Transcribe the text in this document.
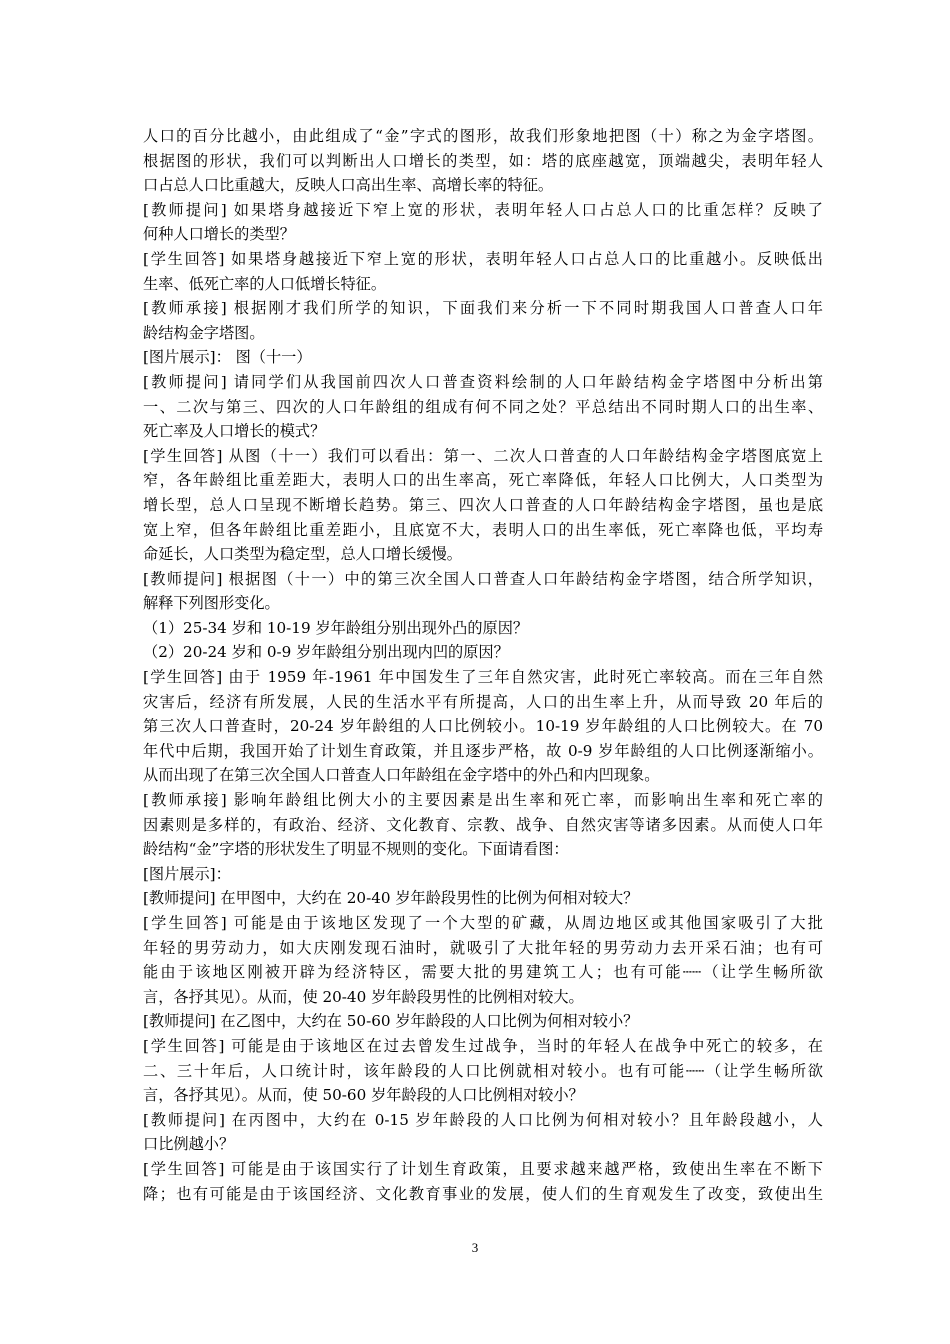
人口的百分比越小，由此组成了“金”字式的图形，故我们形象地把图（十）称之为金字塔图。
根据图的形状，我们可以判断出人口增长的类型，如：塔的底座越宽，顶端越尖，表明年轻人
口占总人口比重越大，反映人口高出生率、高增长率的特征。
[教师提问] 如果塔身越接近下窄上宽的形状，表明年轻人口占总人口的比重怎样？反映了
何种人口增长的类型？
[学生回答] 如果塔身越接近下窄上宽的形状，表明年轻人口占总人口的比重越小。反映低出
生率、低死亡率的人口低增长特征。
[教师承接] 根据刚才我们所学的知识，下面我们来分析一下不同时期我国人口普查人口年
龄结构金字塔图。
[图片展示]： 图（十一）
[教师提问] 请同学们从我国前四次人口普查资料绘制的人口年龄结构金字塔图中分析出第
一、二次与第三、四次的人口年龄组的组成有何不同之处？平总结出不同时期人口的出生率、
死亡率及人口增长的模式？
[学生回答] 从图（十一）我们可以看出：第一、二次人口普查的人口年龄结构金字塔图底宽上
窄，各年龄组比重差距大，表明人口的出生率高，死亡率降低，年轻人口比例大，人口类型为
增长型，总人口呈现不断增长趋势。第三、四次人口普查的人口年龄结构金字塔图，虽也是底
宽上窄，但各年龄组比重差距小，且底宽不大，表明人口的出生率低，死亡率降也低，平均寿
命延长，人口类型为稳定型，总人口增长缓慢。
[教师提问] 根据图（十一）中的第三次全国人口普查人口年龄结构金字塔图，结合所学知识，
解释下列图形变化。
（1）25-34 岁和 10-19 岁年龄组分别出现外凸的原因？
（2）20-24 岁和 0-9 岁年龄组分别出现内凹的原因？
[学生回答] 由于 1959 年-1961 年中国发生了三年自然灾害，此时死亡率较高。而在三年自然
灾害后，经济有所发展，人民的生活水平有所提高，人口的出生率上升，从而导致 20 年后的
第三次人口普查时，20-24 岁年龄组的人口比例较小。10-19 岁年龄组的人口比例较大。在 70
年代中后期，我国开始了计划生育政策，并且逐步严格，故 0-9 岁年龄组的人口比例逐渐缩小。
从而出现了在第三次全国人口普查人口年龄组在金字塔中的外凸和内凹现象。
[教师承接] 影响年龄组比例大小的主要因素是出生率和死亡率，而影响出生率和死亡率的
因素则是多样的，有政治、经济、文化教育、宗教、战争、自然灾害等诸多因素。从而使人口年
龄结构“金”字塔的形状发生了明显不规则的变化。下面请看图：
[图片展示]：
[教师提问] 在甲图中，大约在 20-40 岁年龄段男性的比例为何相对较大？
[学生回答] 可能是由于该地区发现了一个大型的矿藏，从周边地区或其他国家吸引了大批
年轻的男劳动力，如大庆刚发现石油时，就吸引了大批年轻的男劳动力去开采石油；也有可
能由于该地区刚被开辟为经济特区，需要大批的男建筑工人；也有可能┄┄（让学生畅所欲
言，各抒其见）。从而，使 20-40 岁年龄段男性的比例相对较大。
[教师提问] 在乙图中，大约在 50-60 岁年龄段的人口比例为何相对较小？
[学生回答] 可能是由于该地区在过去曾发生过战争，当时的年轻人在战争中死亡的较多，在
二、三十年后，人口统计时，该年龄段的人口比例就相对较小。也有可能┄┄（让学生畅所欲
言，各抒其见）。从而，使 50-60 岁年龄段的人口比例相对较小？
[教师提问] 在丙图中，大约在 0-15 岁年龄段的人口比例为何相对较小？且年龄段越小，人
口比例越小？
[学生回答] 可能是由于该国实行了计划生育政策，且要求越来越严格，致使出生率在不断下
降；也有可能是由于该国经济、文化教育事业的发展，使人们的生育观发生了改变，致使出生
3
